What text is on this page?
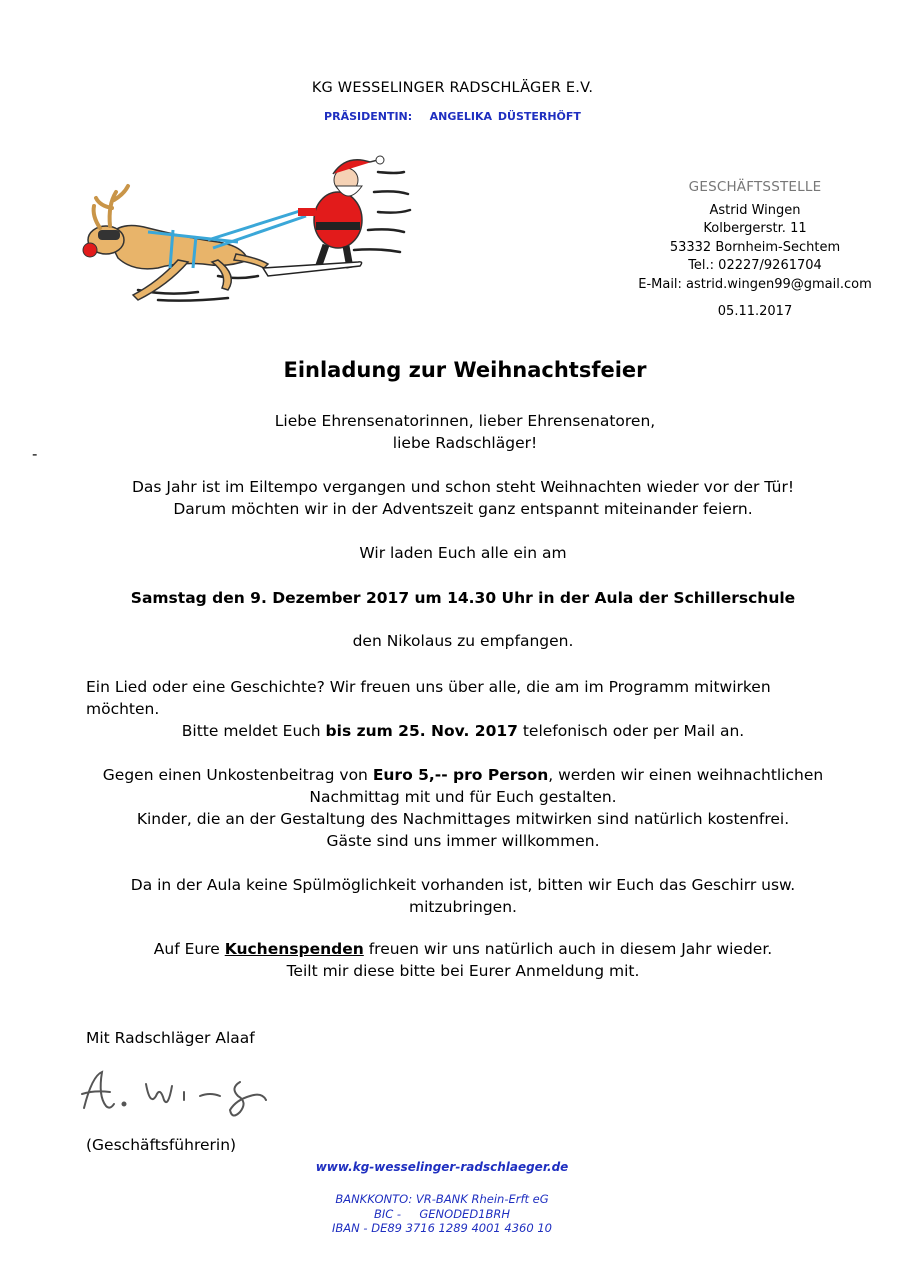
KG WESSELINGER RADSCHLÄGER E.V.
PRÄSIDENTIN:   ANGELIKA DÜSTERHÖFT
GESCHÄFTSSTELLE
Astrid Wingen
Kolbergerstr. 11
53332 Bornheim-Sechtem
Tel.: 02227/9261704
E-Mail: astrid.wingen99@gmail.com
05.11.2017
Einladung zur Weihnachtsfeier
Liebe Ehrensenatorinnen, lieber Ehrensenatoren,
liebe Radschläger!
-
Das Jahr ist im Eiltempo vergangen und schon steht Weihnachten wieder vor der Tür!
Darum möchten wir in der Adventszeit ganz entspannt miteinander feiern.
Wir laden Euch alle ein am
Samstag den 9. Dezember 2017 um 14.30 Uhr in der Aula der Schillerschule
den Nikolaus zu empfangen.
Ein Lied oder eine Geschichte? Wir freuen uns über alle, die am im Programm mitwirken
möchten.
Bitte meldet Euch bis zum 25. Nov. 2017 telefonisch oder per Mail an.
Gegen einen Unkostenbeitrag von Euro 5,-- pro Person, werden wir einen weihnachtlichen
Nachmittag mit und für Euch gestalten.
Kinder, die an der Gestaltung des Nachmittages mitwirken sind natürlich kostenfrei.
Gäste sind uns immer willkommen.
Da in der Aula keine Spülmöglichkeit vorhanden ist, bitten wir Euch das Geschirr usw.
mitzubringen.
Auf Eure Kuchenspenden freuen wir uns natürlich auch in diesem Jahr wieder.
Teilt mir diese bitte bei Eurer Anmeldung mit.
Mit Radschläger Alaaf
(Geschäftsführerin)
www.kg-wesselinger-radschlaeger.de
BANKKONTO: VR-BANK Rhein-Erft eG
BIC -     GENODED1BRH
IBAN - DE89 3716 1289 4001 4360 10
